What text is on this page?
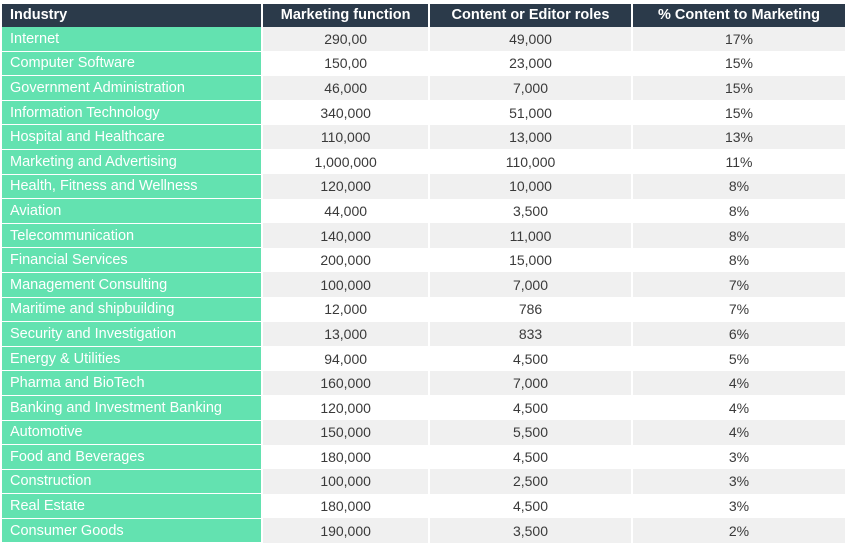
Industry	Marketing function	Content or Editor roles	% Content to Marketing
Internet	290,00	49,000	17%
Computer Software	150,00	23,000	15%
Government Administration	46,000	7,000	15%
Information Technology	340,000	51,000	15%
Hospital and Healthcare	110,000	13,000	13%
Marketing and Advertising	1,000,000	110,000	11%
Health, Fitness and Wellness	120,000	10,000	8%
Aviation	44,000	3,500	8%
Telecommunication	140,000	11,000	8%
Financial Services	200,000	15,000	8%
Management Consulting	100,000	7,000	7%
Maritime and shipbuilding	12,000	786	7%
Security and Investigation	13,000	833	6%
Energy & Utilities	94,000	4,500	5%
Pharma and BioTech	160,000	7,000	4%
Banking and Investment Banking	120,000	4,500	4%
Automotive	150,000	5,500	4%
Food and Beverages	180,000	4,500	3%
Construction	100,000	2,500	3%
Real Estate	180,000	4,500	3%
Consumer Goods	190,000	3,500	2%
